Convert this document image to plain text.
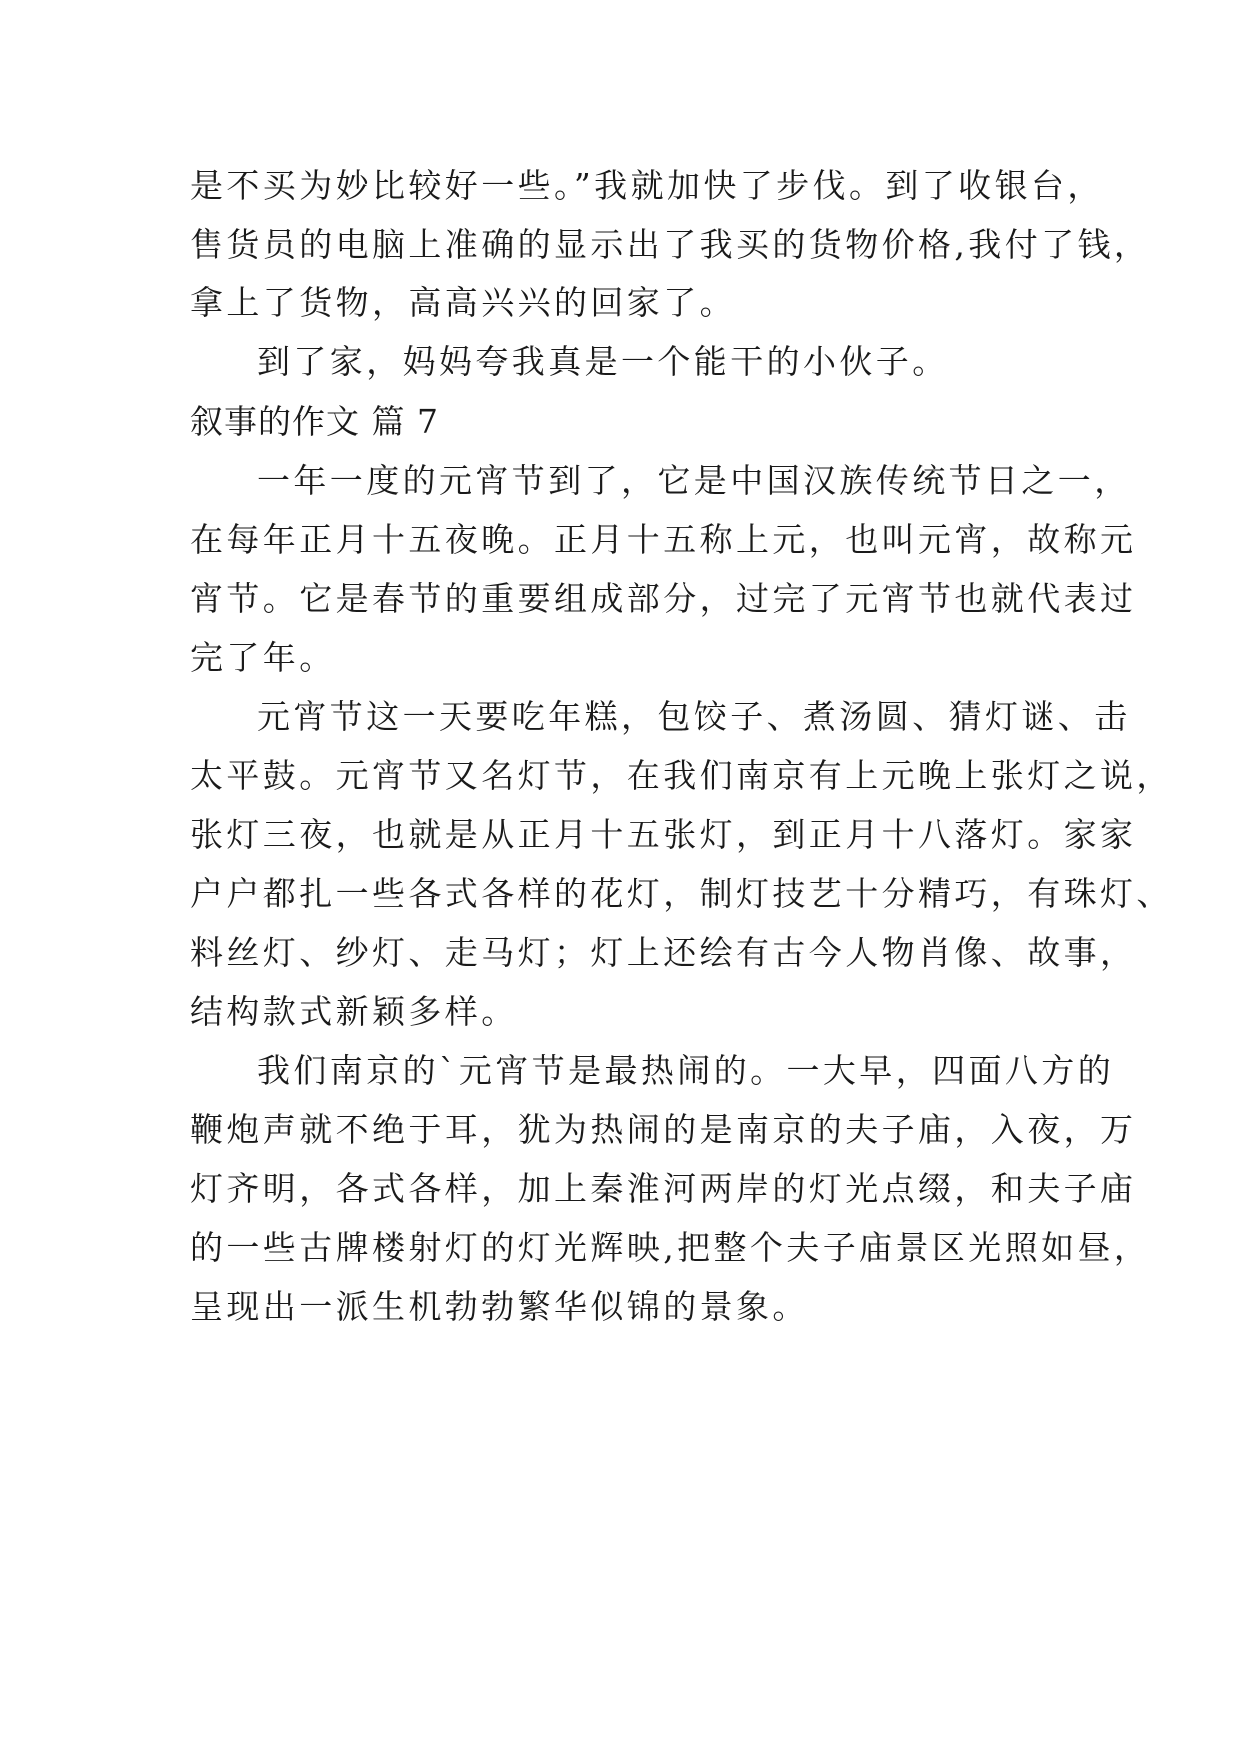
是不买为妙比较好一些。”我就加快了步伐。到了收银台，
售货员的电脑上准确的显示出了我买的货物价格,我付了钱，
拿上了货物，高高兴兴的回家了。
到了家，妈妈夸我真是一个能干的小伙子。
叙事的作文 篇 7
一年一度的元宵节到了，它是中国汉族传统节日之一，
在每年正月十五夜晚。正月十五称上元，也叫元宵，故称元
宵节。它是春节的重要组成部分，过完了元宵节也就代表过
完了年。
元宵节这一天要吃年糕，包饺子、煮汤圆、猜灯谜、击
太平鼓。元宵节又名灯节，在我们南京有上元晚上张灯之说，
张灯三夜，也就是从正月十五张灯，到正月十八落灯。家家
户户都扎一些各式各样的花灯，制灯技艺十分精巧，有珠灯、
料丝灯、纱灯、走马灯；灯上还绘有古今人物肖像、故事，
结构款式新颖多样。
我们南京的`元宵节是最热闹的。一大早，四面八方的
鞭炮声就不绝于耳，犹为热闹的是南京的夫子庙，入夜，万
灯齐明，各式各样，加上秦淮河两岸的灯光点缀，和夫子庙
的一些古牌楼射灯的灯光辉映,把整个夫子庙景区光照如昼，
呈现出一派生机勃勃繁华似锦的景象。
